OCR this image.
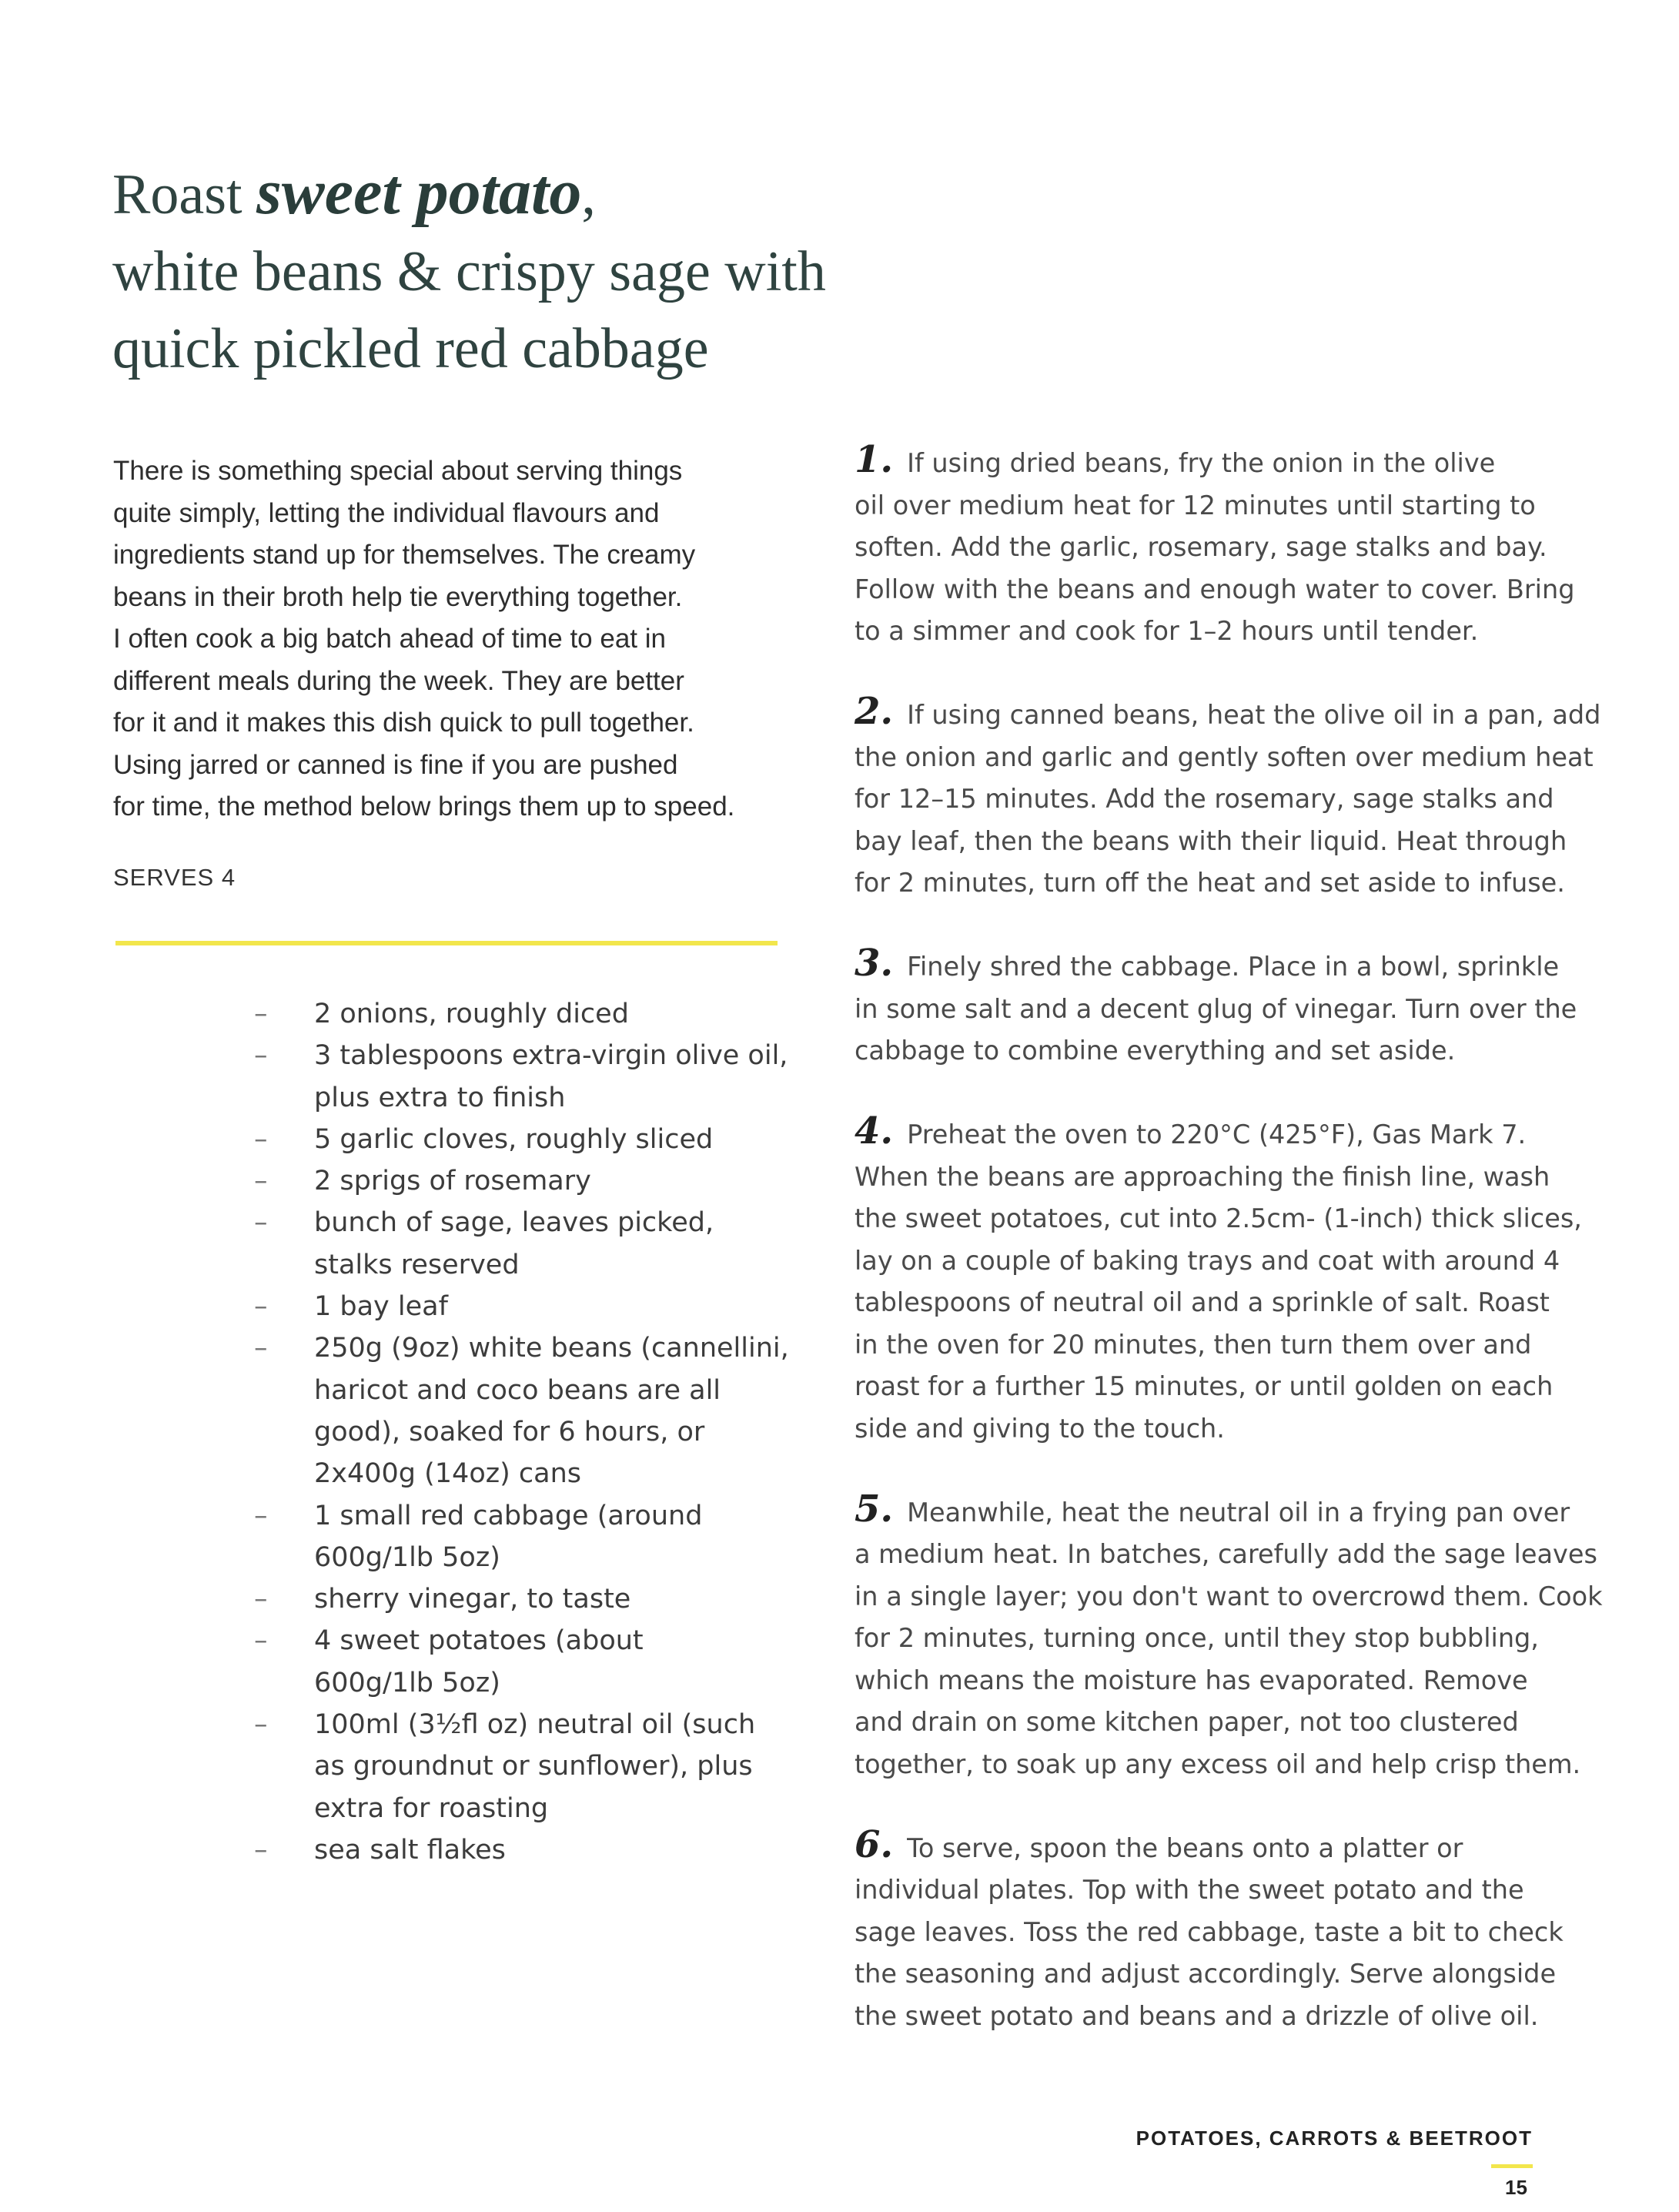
Roast sweet potato,
white beans & crispy sage with
quick pickled red cabbage
There is something special about serving things
quite simply, letting the individual flavours and
ingredients stand up for themselves. The creamy
beans in their broth help tie everything together.
I often cook a big batch ahead of time to eat in
different meals during the week. They are better
for it and it makes this dish quick to pull together.
Using jarred or canned is fine if you are pushed
for time, the method below brings them up to speed.
SERVES 4
– 2 onions, roughly diced
– 3 tablespoons extra-virgin olive oil,
plus extra to finish
– 5 garlic cloves, roughly sliced
– 2 sprigs of rosemary
– bunch of sage, leaves picked,
stalks reserved
– 1 bay leaf
– 250g (9oz) white beans (cannellini,
haricot and coco beans are all
good), soaked for 6 hours, or
2x400g (14oz) cans
– 1 small red cabbage (around
600g/1lb 5oz)
– sherry vinegar, to taste
– 4 sweet potatoes (about
600g/1lb 5oz)
– 100ml (3½fl oz) neutral oil (such
as groundnut or sunflower), plus
extra for roasting
– sea salt flakes
1. If using dried beans, fry the onion in the olive
oil over medium heat for 12 minutes until starting to
soften. Add the garlic, rosemary, sage stalks and bay.
Follow with the beans and enough water to cover. Bring
to a simmer and cook for 1–2 hours until tender.
2. If using canned beans, heat the olive oil in a pan, add
the onion and garlic and gently soften over medium heat
for 12–15 minutes. Add the rosemary, sage stalks and
bay leaf, then the beans with their liquid. Heat through
for 2 minutes, turn off the heat and set aside to infuse.
3. Finely shred the cabbage. Place in a bowl, sprinkle
in some salt and a decent glug of vinegar. Turn over the
cabbage to combine everything and set aside.
4. Preheat the oven to 220°C (425°F), Gas Mark 7.
When the beans are approaching the finish line, wash
the sweet potatoes, cut into 2.5cm- (1-inch) thick slices,
lay on a couple of baking trays and coat with around 4
tablespoons of neutral oil and a sprinkle of salt. Roast
in the oven for 20 minutes, then turn them over and
roast for a further 15 minutes, or until golden on each
side and giving to the touch.
5. Meanwhile, heat the neutral oil in a frying pan over
a medium heat. In batches, carefully add the sage leaves
in a single layer; you don't want to overcrowd them. Cook
for 2 minutes, turning once, until they stop bubbling,
which means the moisture has evaporated. Remove
and drain on some kitchen paper, not too clustered
together, to soak up any excess oil and help crisp them.
6. To serve, spoon the beans onto a platter or
individual plates. Top with the sweet potato and the
sage leaves. Toss the red cabbage, taste a bit to check
the seasoning and adjust accordingly. Serve alongside
the sweet potato and beans and a drizzle of olive oil.
POTATOES, CARROTS & BEETROOT
15
